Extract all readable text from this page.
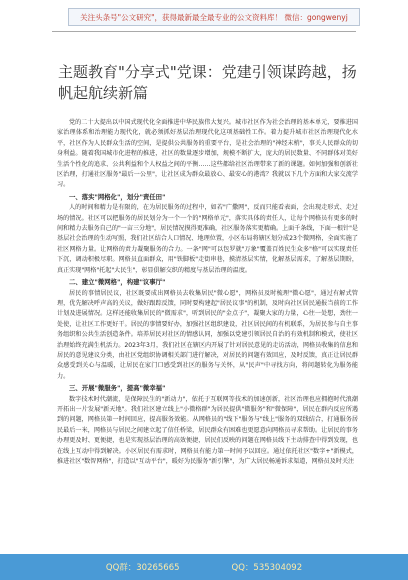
关注头条号"公文研究"，获得最新最全最专业的公文资料库！ 微信：gongwenyj
主题教育"分享式"党课：党建引领谋跨越，扬帆起航续新篇

党的二十大提出以中国式现代化全面推进中华民族伟大复兴。城市社区作为社会治理的基本单元，要推进国家治理体系和治理能力现代化，就必须抓好基层治理现代化这项基础性工作。着力提升城市社区治理现代化水平，社区作为人民群众生活的空间，是提供公共服务的重要平台，是社会治理的"神经末梢"，事关人民群众的切身利益。随着我国城市化进程的推进，社区的数量逐步增加，规模不断扩大，庞大的居民数量、不同群体对美好生活个性化的追求、公共利益和个人权益之间的平衡……这些都给社区治理带来了新的课题。如何加强和创新社区治理，打通社区服务"最后一公里"，让社区成为群众最放心、最安心的港湾？我就以下几个方面和大家交流学习。

一、落实"网格化"，划分"责任田"

人的时间和精力是有限的，在为居民服务的过程中，如若"广撒网"，反而只能看表面，会出现走形式、走过场的情况。社区可以把服务的居民划分为一个一个的"网格单元"，落实具体的责任人，让每个网格员有更多的时间和精力去服务自己的"一亩三分地"，居民情况摸得更准确，社区服务落实更精确。上面千条线，下面一根针"是基层社会治理的生动写照，我们社区结合人口情况、地理位置，小区布局将辖区划分成23个微网格，全面实施了社区网格力量。让网格的责力凝聚服务的合力。一条"网"可以包罗就"万象"覆盖百姓民生众多"格"可以实现责任下沉，调动积极尽职。网格员直面群众，用"铁脚板"走街串巷，摸清基层实情，化解基层需求，了解基层期盼，真正实现"网格"托起"大民生"，彰显俱解交织的精度与基层治理的温度。

二、建立"微网格"，构建"议事厅"

居民的事情居民议，社区既要成出网格员去收集居民"微心愿"，网格员及时梳理"微心愿"，通过有解式管理，优先解决呼声高的关议，做好跟踪反馈，同时要构建起"居民议事"的机制，及时向社区居民通报当前的工作计划及进展情况。这样还能收集居民的"微需求"，听到居民的"金点子"，凝聚大家的力量，心往一处想，劲往一处使，让社区工作更好干。居民的事情要好办，加强社区组织建设，社区居民间的有机联系，为居民参与自主事务组织和公共生活创造条件。培养居民对社区的情感认同，加强以党建引领居民自治的有效机制和模式，使社区治理始终充满生机活力。2023年3月，我们社区在辖区内开展了针对居民意见的走访活动，网格员收集的信息和居民的意见建议分类，由社区党组织协调相关部门进行解决，对居民的问题有效回应，及时反馈，真正让居民群众感受到关心与温暖，让居民在家门口感受到社区的服务与关怀，从"民声"中寻找方向，将问题转化为服务能力。

三、开展"微服务"，提高"微幸福"

数字技术时代潮流，是保障民生的"新动力"，依托于互联网等技术的加速创新，社区治理也应拥抱时代浪潮开拓出一片发展"新天地"。我们社区建立线上"小微格群"为居民提供"微服务"和"微保障"，居民在群内反应所遇到的问题，网格员第一时间回应，提高服务效能。从网格员的"线下"服务与"线上"服务的双线结合，打通服务居民最后一米，网格员与居民之间建立起了信任桥梁，居民群众有困难也更愿意向网格员寻求帮助。让居民的事务办理更及时、更便捷，也是实现基层治理的高效便捷，居民们反映的问题在网格员线下主动排查中得到发现，也在线上互动中得到解决。小区居民有需求时，网格员有能力第一时间予以回应。通过依托社区"数字+"新模式，推进社区"数智网格"，打造以"互动平台"，暖好为民服务"新引擎"，为广大居民畅通诉求渠道，网格员及时关注

QQ群：30265665	QQ：535304092
